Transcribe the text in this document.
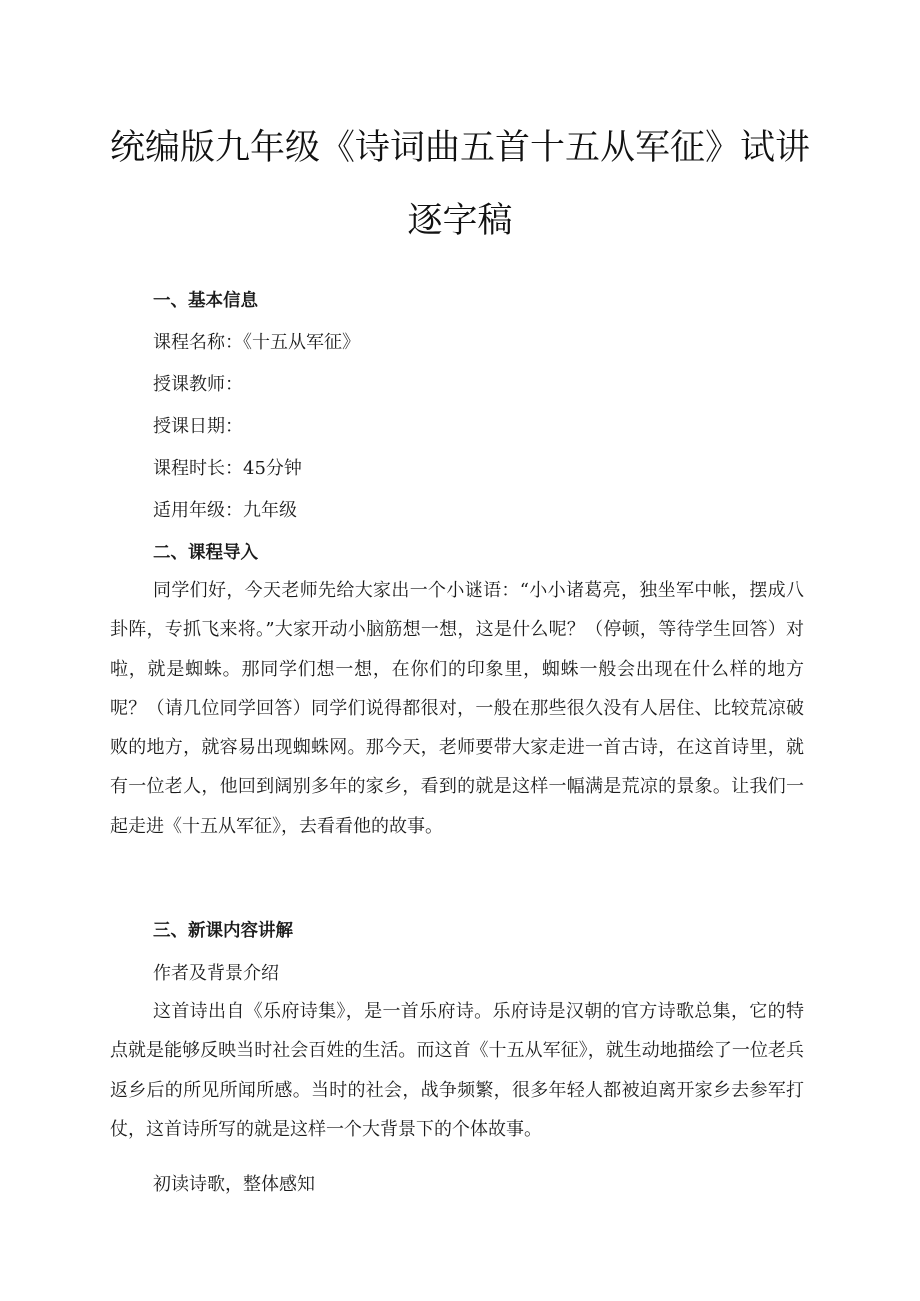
统编版九年级《诗词曲五首十五从军征》试讲
逐字稿
一、基本信息
课程名称：《十五从军征》
授课教师：
授课日期：
课程时长：45分钟
适用年级：九年级
二、课程导入
同学们好，今天老师先给大家出一个小谜语：“小小诸葛亮，独坐军中帐，摆成八卦阵，专抓飞来将。”大家开动小脑筋想一想，这是什么呢？（停顿，等待学生回答）对啦，就是蜘蛛。那同学们想一想，在你们的印象里，蜘蛛一般会出现在什么样的地方呢？（请几位同学回答）同学们说得都很对，一般在那些很久没有人居住、比较荒凉破败的地方，就容易出现蜘蛛网。那今天，老师要带大家走进一首古诗，在这首诗里，就有一位老人，他回到阔别多年的家乡，看到的就是这样一幅满是荒凉的景象。让我们一起走进《十五从军征》，去看看他的故事。
三、新课内容讲解
作者及背景介绍
这首诗出自《乐府诗集》，是一首乐府诗。乐府诗是汉朝的官方诗歌总集，它的特点就是能够反映当时社会百姓的生活。而这首《十五从军征》，就生动地描绘了一位老兵返乡后的所见所闻所感。当时的社会，战争频繁，很多年轻人都被迫离开家乡去参军打仗，这首诗所写的就是这样一个大背景下的个体故事。
初读诗歌，整体感知
